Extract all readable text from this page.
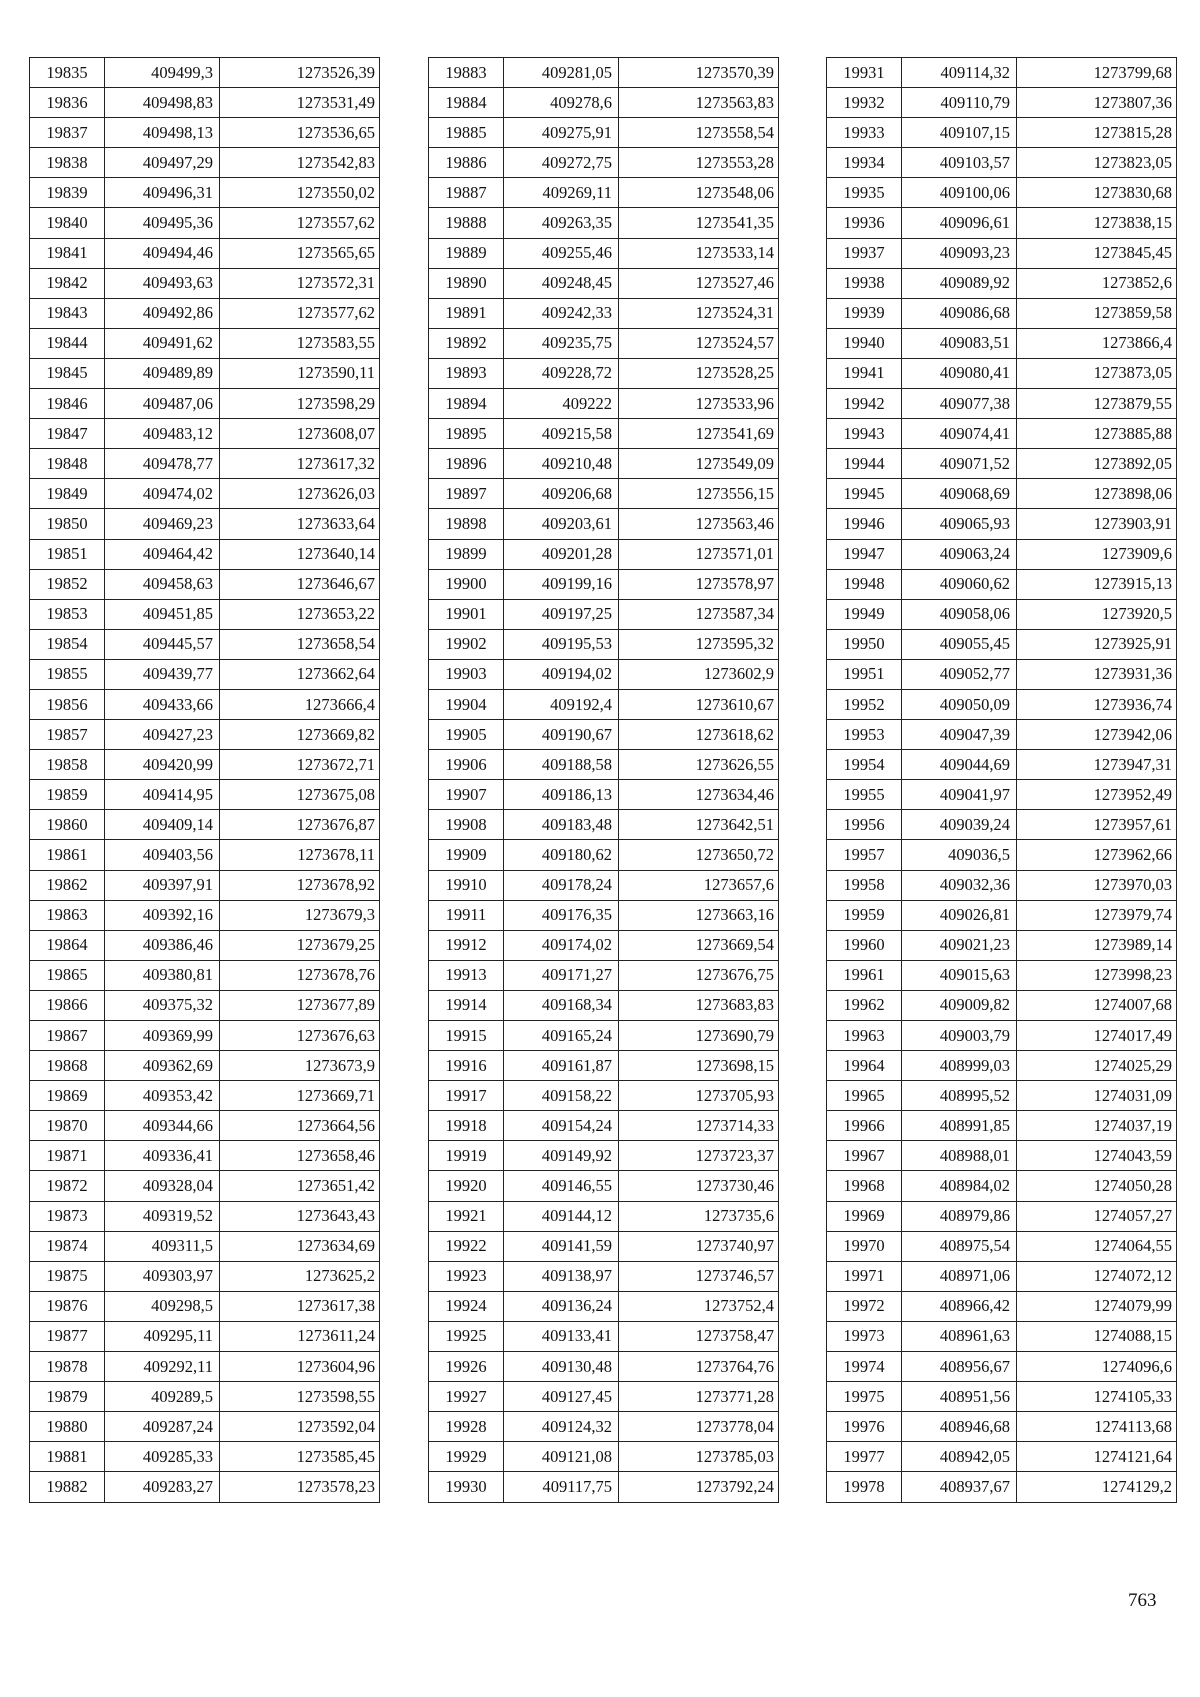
19835	409499,3	1273526,39
19836	409498,83	1273531,49
19837	409498,13	1273536,65
19838	409497,29	1273542,83
19839	409496,31	1273550,02
19840	409495,36	1273557,62
19841	409494,46	1273565,65
19842	409493,63	1273572,31
19843	409492,86	1273577,62
19844	409491,62	1273583,55
19845	409489,89	1273590,11
19846	409487,06	1273598,29
19847	409483,12	1273608,07
19848	409478,77	1273617,32
19849	409474,02	1273626,03
19850	409469,23	1273633,64
19851	409464,42	1273640,14
19852	409458,63	1273646,67
19853	409451,85	1273653,22
19854	409445,57	1273658,54
19855	409439,77	1273662,64
19856	409433,66	1273666,4
19857	409427,23	1273669,82
19858	409420,99	1273672,71
19859	409414,95	1273675,08
19860	409409,14	1273676,87
19861	409403,56	1273678,11
19862	409397,91	1273678,92
19863	409392,16	1273679,3
19864	409386,46	1273679,25
19865	409380,81	1273678,76
19866	409375,32	1273677,89
19867	409369,99	1273676,63
19868	409362,69	1273673,9
19869	409353,42	1273669,71
19870	409344,66	1273664,56
19871	409336,41	1273658,46
19872	409328,04	1273651,42
19873	409319,52	1273643,43
19874	409311,5	1273634,69
19875	409303,97	1273625,2
19876	409298,5	1273617,38
19877	409295,11	1273611,24
19878	409292,11	1273604,96
19879	409289,5	1273598,55
19880	409287,24	1273592,04
19881	409285,33	1273585,45
19882	409283,27	1273578,23
19883	409281,05	1273570,39
19884	409278,6	1273563,83
19885	409275,91	1273558,54
19886	409272,75	1273553,28
19887	409269,11	1273548,06
19888	409263,35	1273541,35
19889	409255,46	1273533,14
19890	409248,45	1273527,46
19891	409242,33	1273524,31
19892	409235,75	1273524,57
19893	409228,72	1273528,25
19894	409222	1273533,96
19895	409215,58	1273541,69
19896	409210,48	1273549,09
19897	409206,68	1273556,15
19898	409203,61	1273563,46
19899	409201,28	1273571,01
19900	409199,16	1273578,97
19901	409197,25	1273587,34
19902	409195,53	1273595,32
19903	409194,02	1273602,9
19904	409192,4	1273610,67
19905	409190,67	1273618,62
19906	409188,58	1273626,55
19907	409186,13	1273634,46
19908	409183,48	1273642,51
19909	409180,62	1273650,72
19910	409178,24	1273657,6
19911	409176,35	1273663,16
19912	409174,02	1273669,54
19913	409171,27	1273676,75
19914	409168,34	1273683,83
19915	409165,24	1273690,79
19916	409161,87	1273698,15
19917	409158,22	1273705,93
19918	409154,24	1273714,33
19919	409149,92	1273723,37
19920	409146,55	1273730,46
19921	409144,12	1273735,6
19922	409141,59	1273740,97
19923	409138,97	1273746,57
19924	409136,24	1273752,4
19925	409133,41	1273758,47
19926	409130,48	1273764,76
19927	409127,45	1273771,28
19928	409124,32	1273778,04
19929	409121,08	1273785,03
19930	409117,75	1273792,24
19931	409114,32	1273799,68
19932	409110,79	1273807,36
19933	409107,15	1273815,28
19934	409103,57	1273823,05
19935	409100,06	1273830,68
19936	409096,61	1273838,15
19937	409093,23	1273845,45
19938	409089,92	1273852,6
19939	409086,68	1273859,58
19940	409083,51	1273866,4
19941	409080,41	1273873,05
19942	409077,38	1273879,55
19943	409074,41	1273885,88
19944	409071,52	1273892,05
19945	409068,69	1273898,06
19946	409065,93	1273903,91
19947	409063,24	1273909,6
19948	409060,62	1273915,13
19949	409058,06	1273920,5
19950	409055,45	1273925,91
19951	409052,77	1273931,36
19952	409050,09	1273936,74
19953	409047,39	1273942,06
19954	409044,69	1273947,31
19955	409041,97	1273952,49
19956	409039,24	1273957,61
19957	409036,5	1273962,66
19958	409032,36	1273970,03
19959	409026,81	1273979,74
19960	409021,23	1273989,14
19961	409015,63	1273998,23
19962	409009,82	1274007,68
19963	409003,79	1274017,49
19964	408999,03	1274025,29
19965	408995,52	1274031,09
19966	408991,85	1274037,19
19967	408988,01	1274043,59
19968	408984,02	1274050,28
19969	408979,86	1274057,27
19970	408975,54	1274064,55
19971	408971,06	1274072,12
19972	408966,42	1274079,99
19973	408961,63	1274088,15
19974	408956,67	1274096,6
19975	408951,56	1274105,33
19976	408946,68	1274113,68
19977	408942,05	1274121,64
19978	408937,67	1274129,2
763
